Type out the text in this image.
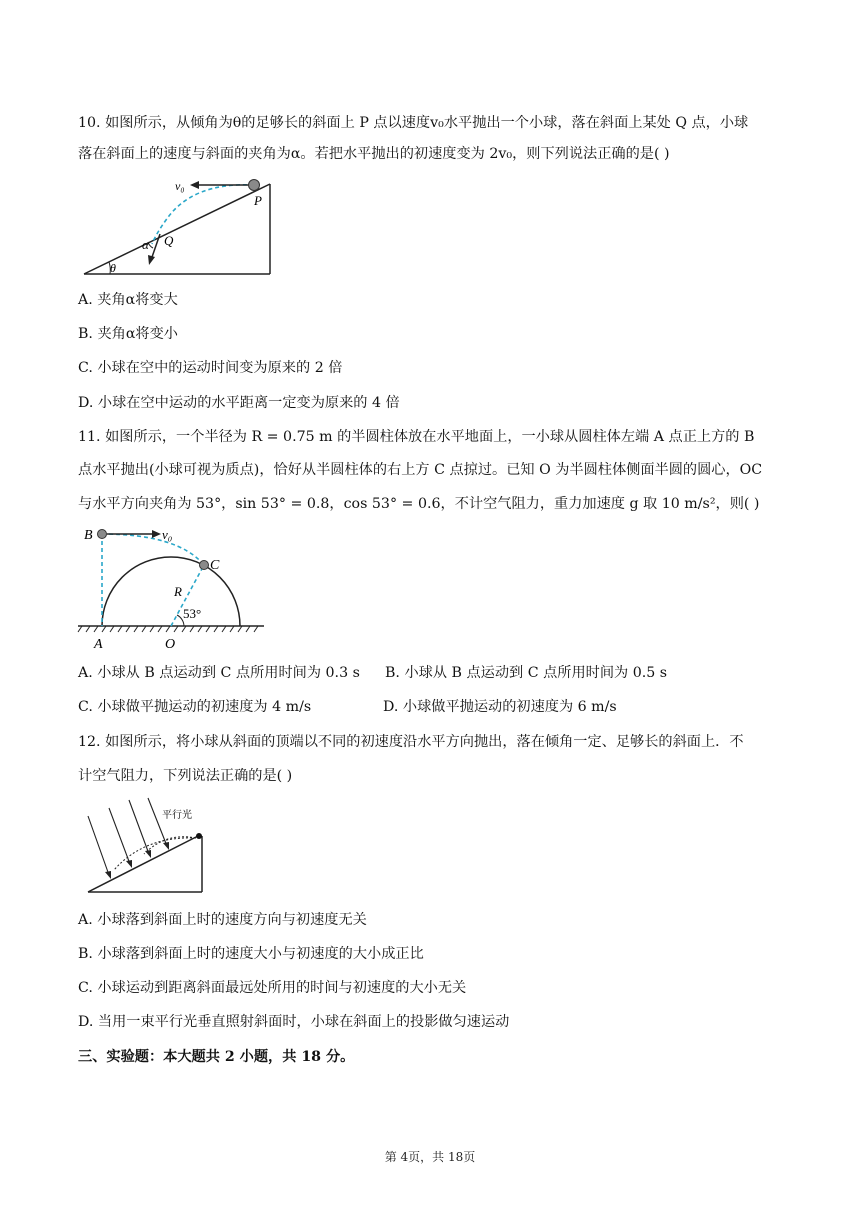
10. 如图所示，从倾角为θ的足够长的斜面上 P 点以速度v₀水平抛出一个小球，落在斜面上某处 Q 点，小球
落在斜面上的速度与斜面的夹角为α。若把水平抛出的初速度变为 2v₀，则下列说法正确的是( )
v₀
P
Q
α
θ
A. 夹角α将变大
B. 夹角α将变小
C. 小球在空中的运动时间变为原来的 2 倍
D. 小球在空中运动的水平距离一定变为原来的 4 倍
11. 如图所示，一个半径为 R = 0.75 m 的半圆柱体放在水平地面上，一小球从圆柱体左端 A 点正上方的 B
点水平抛出(小球可视为质点)，恰好从半圆柱体的右上方 C 点掠过。已知 O 为半圆柱体侧面半圆的圆心，OC
与水平方向夹角为 53°，sin 53° = 0.8，cos 53° = 0.6，不计空气阻力，重力加速度 g 取 10 m/s²，则( )
B	v₀
C
R
53°
A	O
A. 小球从 B 点运动到 C 点所用时间为 0.3 s B. 小球从 B 点运动到 C 点所用时间为 0.5 s
C. 小球做平抛运动的初速度为 4 m/s	D. 小球做平抛运动的初速度为 6 m/s
12. 如图所示，将小球从斜面的顶端以不同的初速度沿水平方向抛出，落在倾角一定、足够长的斜面上．不
计空气阻力，下列说法正确的是( )
平行光
A. 小球落到斜面上时的速度方向与初速度无关
B. 小球落到斜面上时的速度大小与初速度的大小成正比
C. 小球运动到距离斜面最远处所用的时间与初速度的大小无关
D. 当用一束平行光垂直照射斜面时，小球在斜面上的投影做匀速运动
三、实验题：本大题共 2 小题，共 18 分。
第 4页，共 18页
